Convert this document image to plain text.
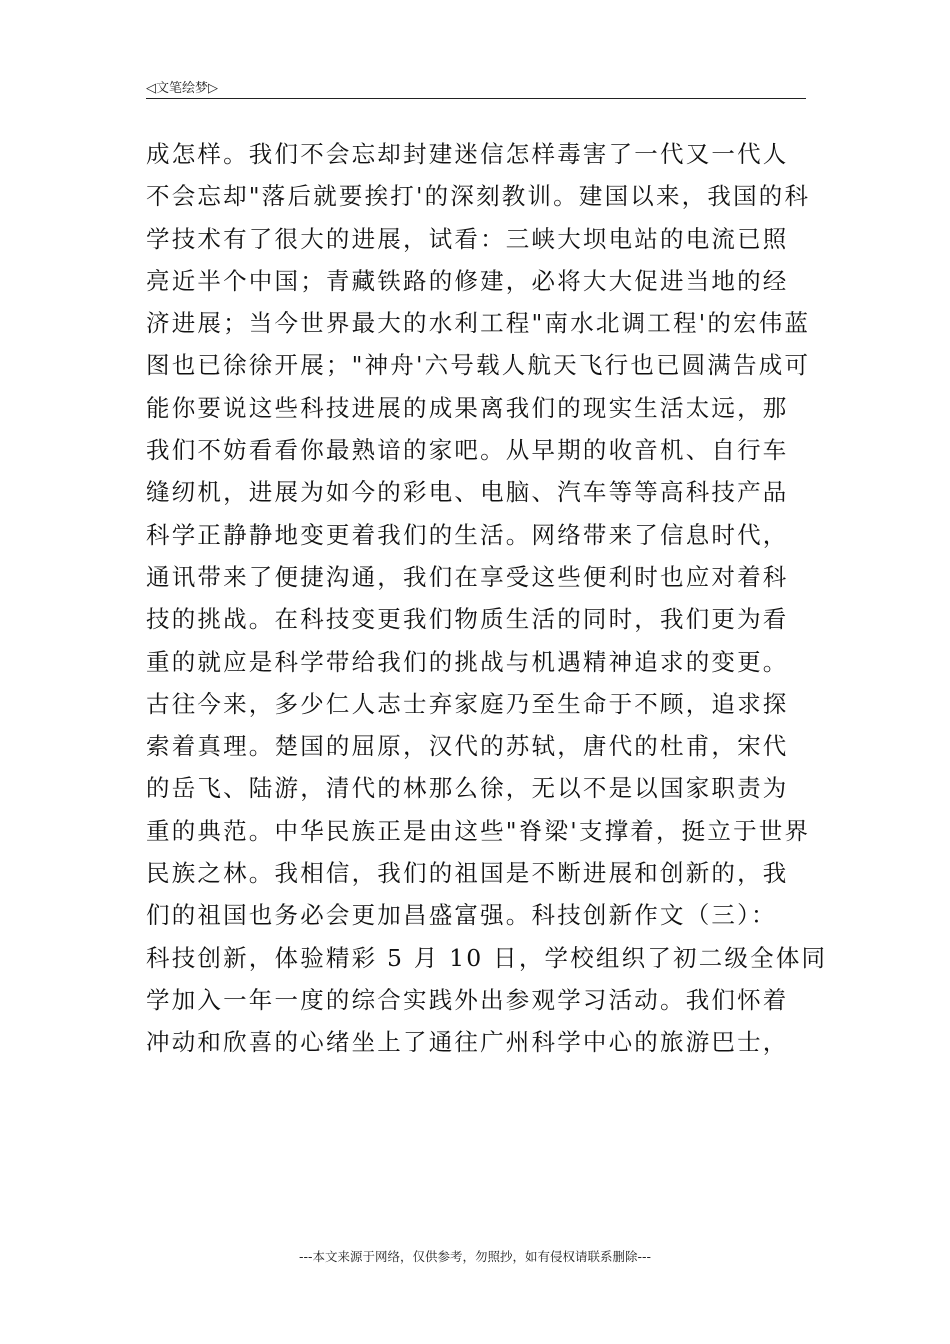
◁文笔绘梦▷
成怎样。我们不会忘却封建迷信怎样毒害了一代又一代人
不会忘却"落后就要挨打'的深刻教训。建国以来，我国的科
学技术有了很大的进展，试看：三峡大坝电站的电流已照
亮近半个中国；青藏铁路的修建，必将大大促进当地的经
济进展；当今世界最大的水利工程"南水北调工程'的宏伟蓝
图也已徐徐开展；"神舟'六号载人航天飞行也已圆满告成可
能你要说这些科技进展的成果离我们的现实生活太远，那
我们不妨看看你最熟谙的家吧。从早期的收音机、自行车
缝纫机，进展为如今的彩电、电脑、汽车等等高科技产品
科学正静静地变更着我们的生活。网络带来了信息时代，
通讯带来了便捷沟通，我们在享受这些便利时也应对着科
技的挑战。在科技变更我们物质生活的同时，我们更为看
重的就应是科学带给我们的挑战与机遇精神追求的变更。
古往今来，多少仁人志士弃家庭乃至生命于不顾，追求探
索着真理。楚国的屈原，汉代的苏轼，唐代的杜甫，宋代
的岳飞、陆游，清代的林那么徐，无以不是以国家职责为
重的典范。中华民族正是由这些"脊梁'支撑着，挺立于世界
民族之林。我相信，我们的祖国是不断进展和创新的，我
们的祖国也务必会更加昌盛富强。科技创新作文（三）：
科技创新，体验精彩 5 月 10 日，学校组织了初二级全体同
学加入一年一度的综合实践外出参观学习活动。我们怀着
冲动和欣喜的心绪坐上了通往广州科学中心的旅游巴士，
---本文来源于网络，仅供参考，勿照抄，如有侵权请联系删除---
